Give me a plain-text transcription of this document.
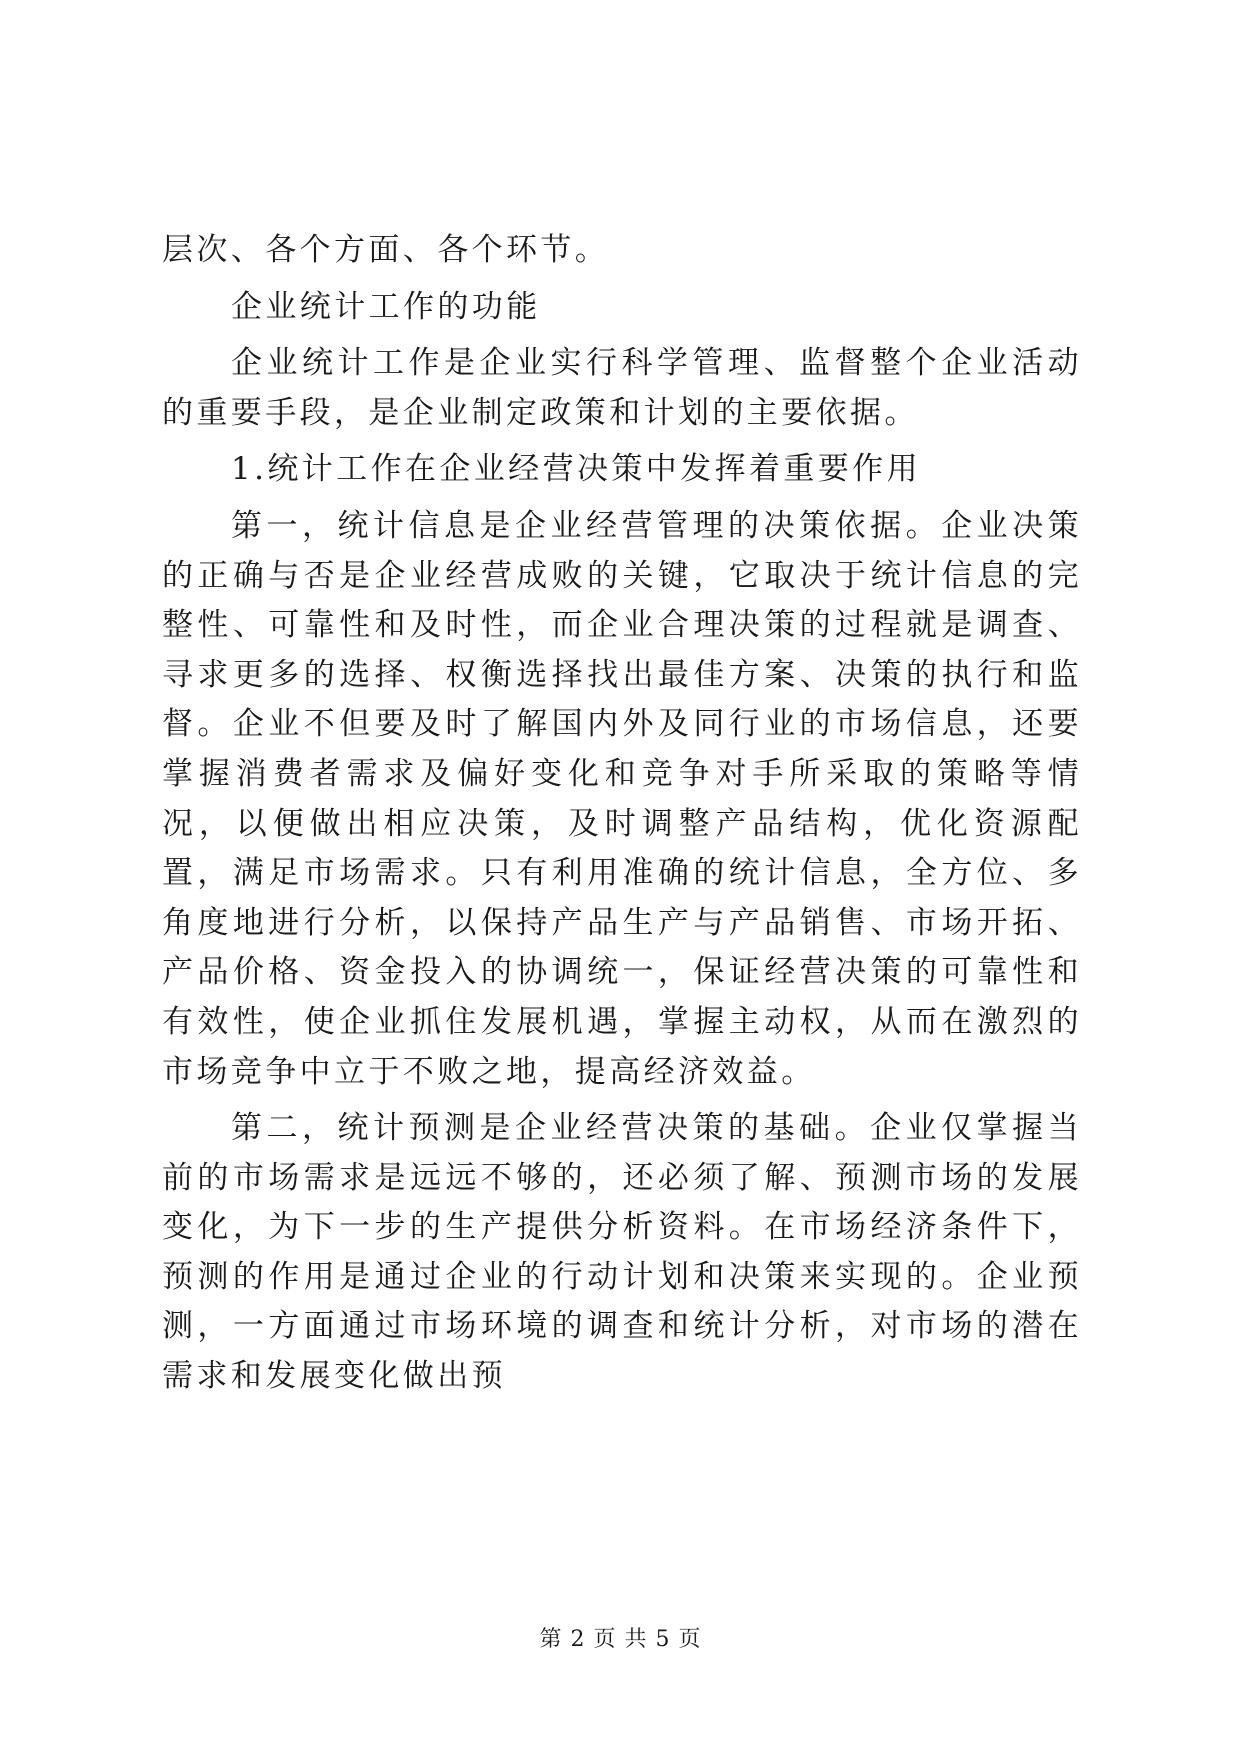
层次、各个方面、各个环节。

企业统计工作的功能

企业统计工作是企业实行科学管理、监督整个企业活动的重要手段，是企业制定政策和计划的主要依据。

1.统计工作在企业经营决策中发挥着重要作用

第一，统计信息是企业经营管理的决策依据。企业决策的正确与否是企业经营成败的关键，它取决于统计信息的完整性、可靠性和及时性，而企业合理决策的过程就是调查、寻求更多的选择、权衡选择找出最佳方案、决策的执行和监督。企业不但要及时了解国内外及同行业的市场信息，还要掌握消费者需求及偏好变化和竞争对手所采取的策略等情况，以便做出相应决策，及时调整产品结构，优化资源配置，满足市场需求。只有利用准确的统计信息，全方位、多角度地进行分析，以保持产品生产与产品销售、市场开拓、产品价格、资金投入的协调统一，保证经营决策的可靠性和有效性，使企业抓住发展机遇，掌握主动权，从而在激烈的市场竞争中立于不败之地，提高经济效益。

第二，统计预测是企业经营决策的基础。企业仅掌握当前的市场需求是远远不够的，还必须了解、预测市场的发展变化，为下一步的生产提供分析资料。在市场经济条件下，预测的作用是通过企业的行动计划和决策来实现的。企业预测，一方面通过市场环境的调查和统计分析，对市场的潜在需求和发展变化做出预

第 2 页 共 5 页
